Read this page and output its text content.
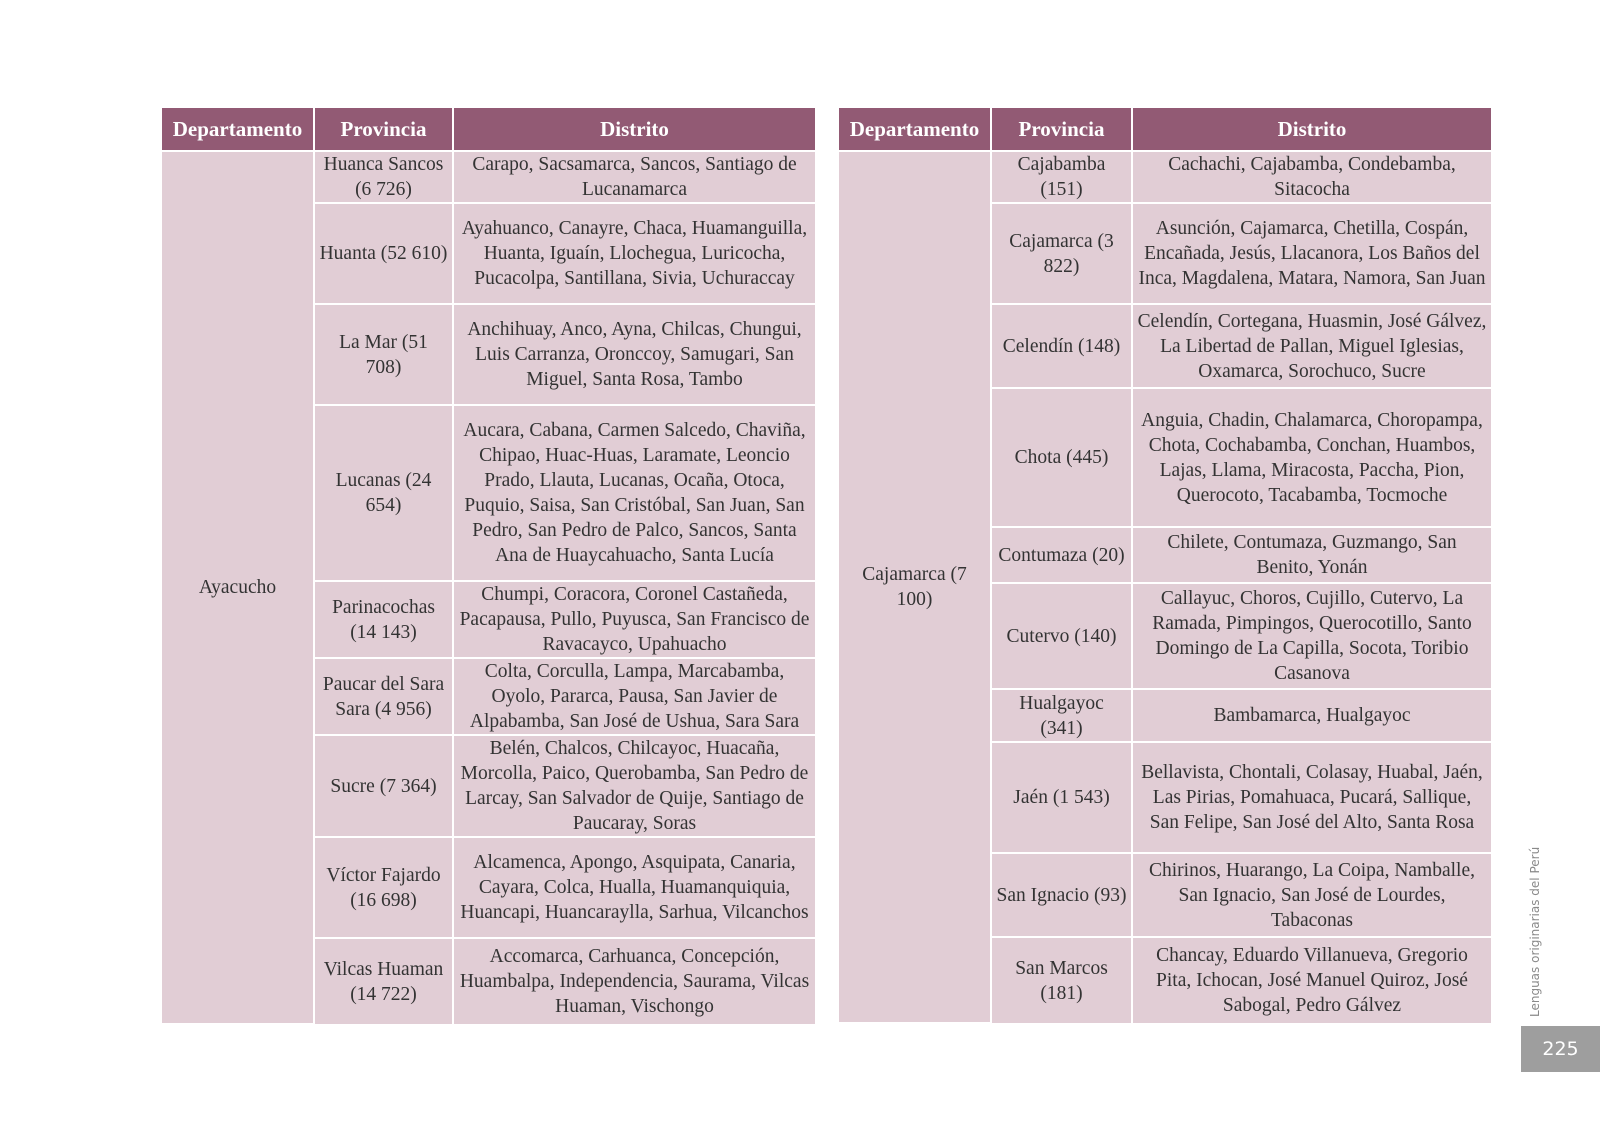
Departamento	Provincia	Distrito
Ayacucho	Huanca Sancos (6 726)	Carapo, Sacsamarca, Sancos, Santiago de Lucanamarca
	Huanta (52 610)	Ayahuanco, Canayre, Chaca, Huamanguilla, Huanta, Iguaín, Llochegua, Luricocha, Pucacolpa, Santillana, Sivia, Uchuraccay
	La Mar (51 708)	Anchihuay, Anco, Ayna, Chilcas, Chungui, Luis Carranza, Oronccoy, Samugari, San Miguel, Santa Rosa, Tambo
	Lucanas (24 654)	Aucara, Cabana, Carmen Salcedo, Chaviña, Chipao, Huac-Huas, Laramate, Leoncio Prado, Llauta, Lucanas, Ocaña, Otoca, Puquio, Saisa, San Cristóbal, San Juan, San Pedro, San Pedro de Palco, Sancos, Santa Ana de Huaycahuacho, Santa Lucía
	Parinacochas (14 143)	Chumpi, Coracora, Coronel Castañeda, Pacapausa, Pullo, Puyusca, San Francisco de Ravacayco, Upahuacho
	Paucar del Sara Sara (4 956)	Colta, Corculla, Lampa, Marcabamba, Oyolo, Pararca, Pausa, San Javier de Alpabamba, San José de Ushua, Sara Sara
	Sucre (7 364)	Belén, Chalcos, Chilcayoc, Huacaña, Morcolla, Paico, Querobamba, San Pedro de Larcay, San Salvador de Quije, Santiago de Paucaray, Soras
	Víctor Fajardo (16 698)	Alcamenca, Apongo, Asquipata, Canaria, Cayara, Colca, Hualla, Huamanquiquia, Huancapi, Huancaraylla, Sarhua, Vilcanchos
	Vilcas Huaman (14 722)	Accomarca, Carhuanca, Concepción, Huambalpa, Independencia, Saurama, Vilcas Huaman, Vischongo
Departamento	Provincia	Distrito
Cajamarca (7 100)	Cajabamba (151)	Cachachi, Cajabamba, Condebamba, Sitacocha
	Cajamarca (3 822)	Asunción, Cajamarca, Chetilla, Cospán, Encañada, Jesús, Llacanora, Los Baños del Inca, Magdalena, Matara, Namora, San Juan
	Celendín (148)	Celendín, Cortegana, Huasmin, José Gálvez, La Libertad de Pallan, Miguel Iglesias, Oxamarca, Sorochuco, Sucre
	Chota (445)	Anguia, Chadin, Chalamarca, Choropampa, Chota, Cochabamba, Conchan, Huambos, Lajas, Llama, Miracosta, Paccha, Pion, Querocoto, Tacabamba, Tocmoche
	Contumaza (20)	Chilete, Contumaza, Guzmango, San Benito, Yonán
	Cutervo (140)	Callayuc, Choros, Cujillo, Cutervo, La Ramada, Pimpingos, Querocotillo, Santo Domingo de La Capilla, Socota, Toribio Casanova
	Hualgayoc (341)	Bambamarca, Hualgayoc
	Jaén (1 543)	Bellavista, Chontali, Colasay, Huabal, Jaén, Las Pirias, Pomahuaca, Pucará, Sallique, San Felipe, San José del Alto, Santa Rosa
	San Ignacio (93)	Chirinos, Huarango, La Coipa, Namballe, San Ignacio, San José de Lourdes, Tabaconas
	San Marcos (181)	Chancay, Eduardo Villanueva, Gregorio Pita, Ichocan, José Manuel Quiroz, José Sabogal, Pedro Gálvez	Lenguas originarias del Perú
225
